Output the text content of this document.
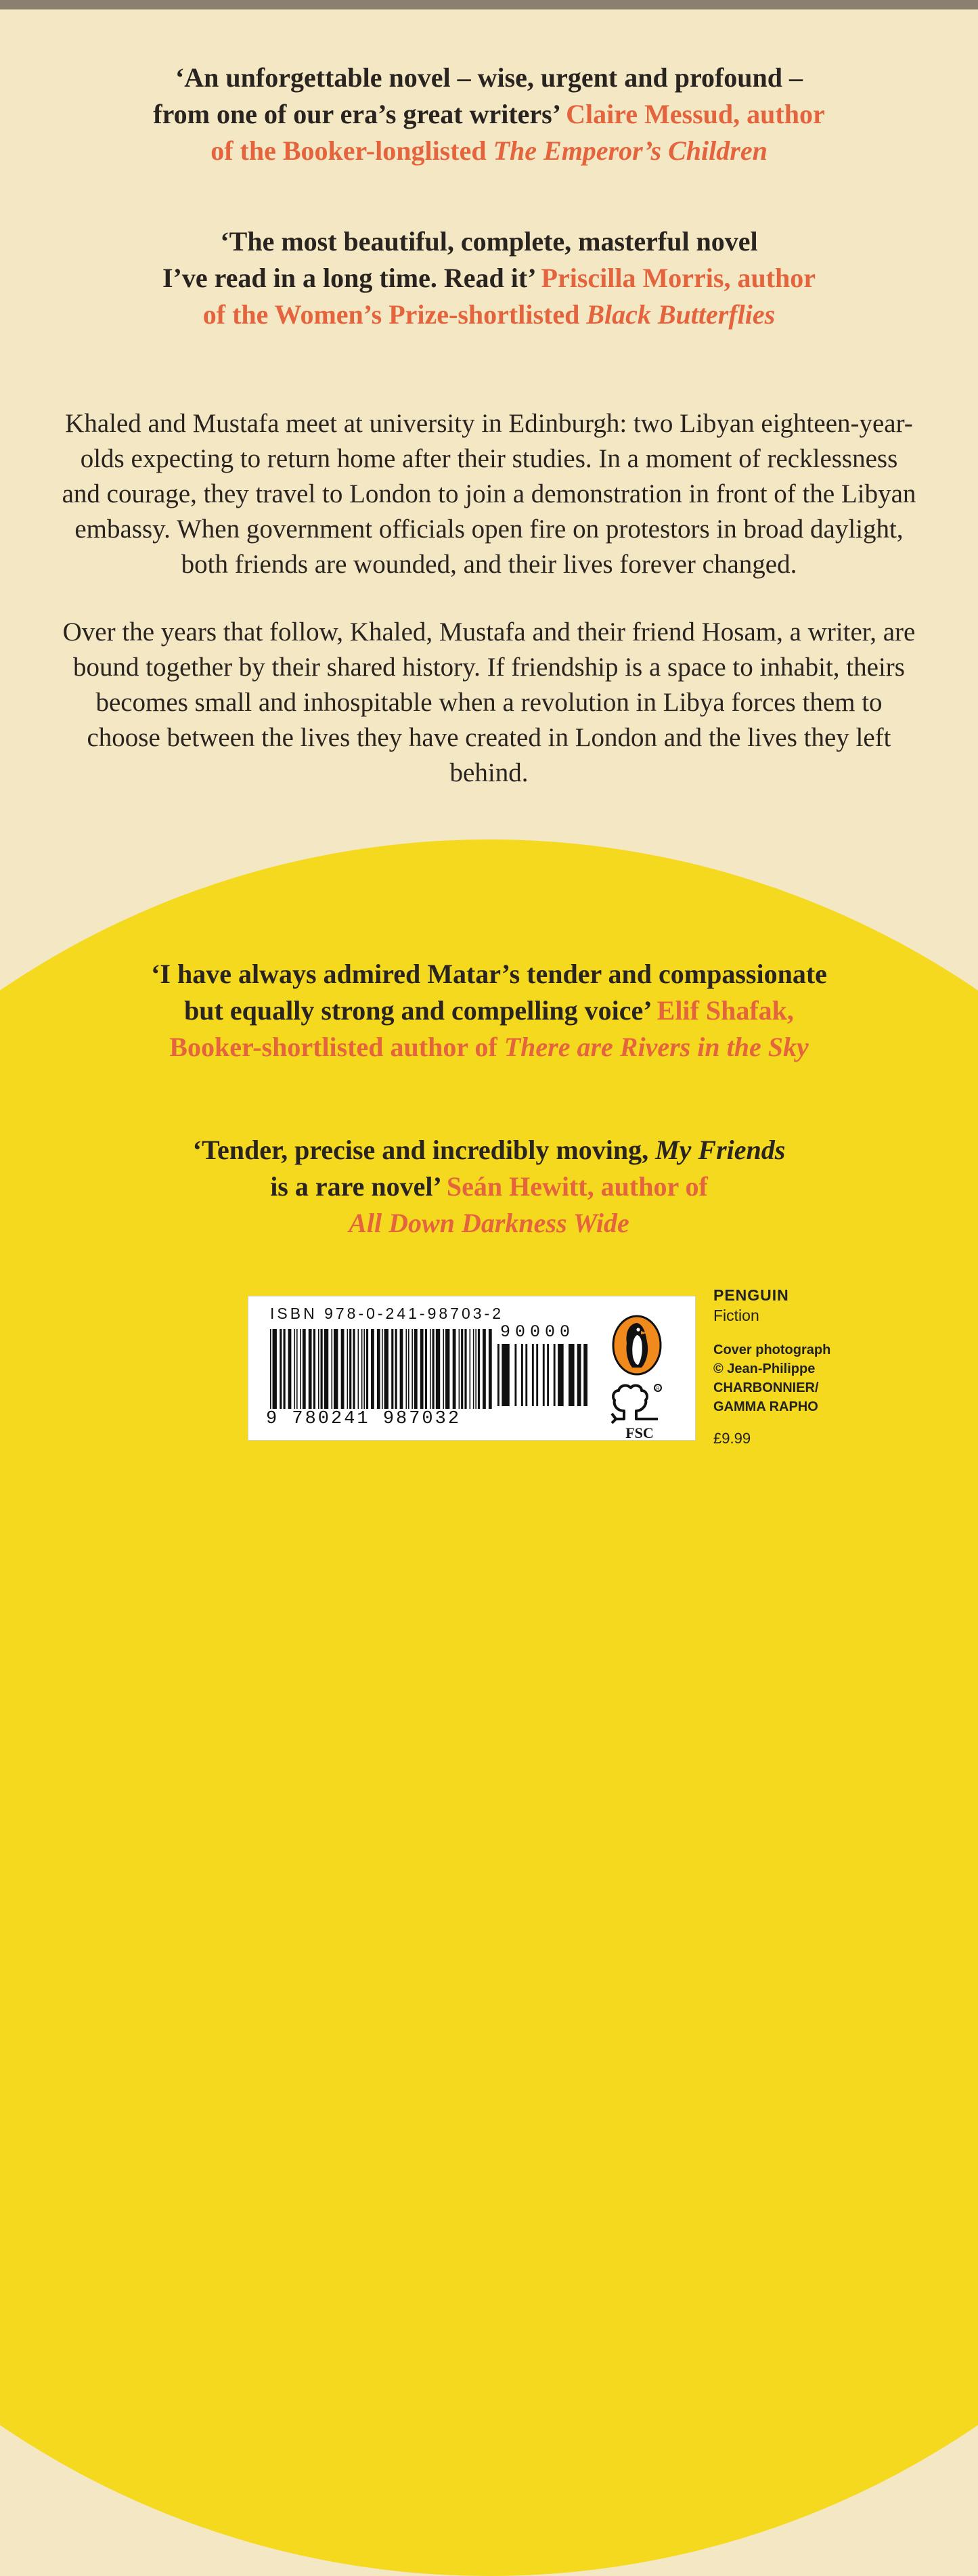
‘An unforgettable novel – wise, urgent and profound –
from one of our era’s great writers’ Claire Messud, author
of the Booker-longlisted The Emperor’s Children
‘The most beautiful, complete, masterful novel
I’ve read in a long time. Read it’ Priscilla Morris, author
of the Women’s Prize-shortlisted Black Butterflies

Khaled and Mustafa meet at university in Edinburgh: two Libyan eighteen-year-olds expecting to return home after their studies. In a moment of recklessness and courage, they travel to London to join a demonstration in front of the Libyan embassy. When government officials open fire on protestors in broad daylight, both friends are wounded, and their lives forever changed.

Over the years that follow, Khaled, Mustafa and their friend Hosam, a writer, are bound together by their shared history. If friendship is a space to inhabit, theirs becomes small and inhospitable when a revolution in Libya forces them to choose between the lives they have created in London and the lives they left behind.

‘I have always admired Matar’s tender and compassionate
but equally strong and compelling voice’ Elif Shafak,
Booker-shortlisted author of There are Rivers in the Sky
‘Tender, precise and incredibly moving, My Friends
is a rare novel’ Seán Hewitt, author of
All Down Darkness Wide
ISBN 978-0-241-98703-2
90000
9 780241 987032
R
FSC
PENGUIN
Fiction
Cover photograph
© Jean-Philippe
CHARBONNIER/
GAMMA RAPHO
£9.99
